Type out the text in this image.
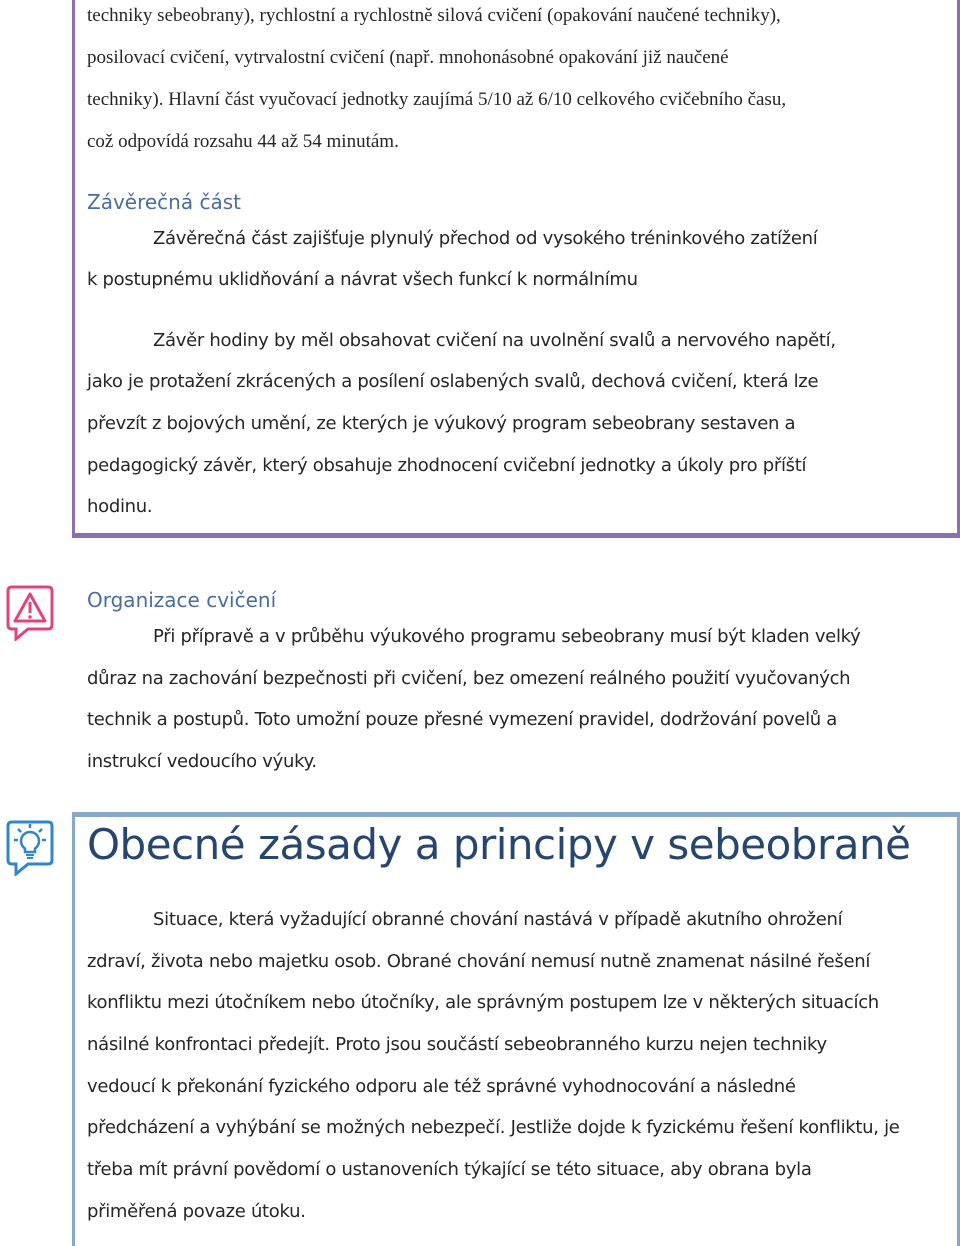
techniky sebeobrany), rychlostní a rychlostně silová cvičení (opakování naučené techniky),
posilovací cvičení, vytrvalostní cvičení (např. mnohonásobné opakování již naučené
techniky). Hlavní část vyučovací jednotky zaujímá 5/10 až 6/10 celkového cvičebního času,
což odpovídá rozsahu 44 až 54 minutám.
Závěrečná část
Závěrečná část zajišťuje plynulý přechod od vysokého tréninkového zatížení
k postupnému uklidňování a návrat všech funkcí k normálnímu
Závěr hodiny by měl obsahovat cvičení na uvolnění svalů a nervového napětí,
jako je protažení zkrácených a posílení oslabených svalů, dechová cvičení, která lze
převzít z bojových umění, ze kterých je výukový program sebeobrany sestaven a
pedagogický závěr, který obsahuje zhodnocení cvičební jednotky a úkoly pro příští
hodinu.
Organizace cvičení
Při přípravě a v průběhu výukového programu sebeobrany musí být kladen velký
důraz na zachování bezpečnosti při cvičení, bez omezení reálného použití vyučovaných
technik a postupů. Toto umožní pouze přesné vymezení pravidel, dodržování povelů a
instrukcí vedoucího výuky.
Obecné zásady a principy v sebeobraně
Situace, která vyžadující obranné chování nastává v případě akutního ohrožení
zdraví, života nebo majetku osob. Obrané chování nemusí nutně znamenat násilné řešení
konfliktu mezi útočníkem nebo útočníky, ale správným postupem lze v některých situacích
násilné konfrontaci předejít. Proto jsou součástí sebeobranného kurzu nejen techniky
vedoucí k překonání fyzického odporu ale též správné vyhodnocování a následné
předcházení a vyhýbání se možných nebezpečí. Jestliže dojde k fyzickému řešení konfliktu, je
třeba mít právní povědomí o ustanoveních týkající se této situace, aby obrana byla
přiměřená povaze útoku.
